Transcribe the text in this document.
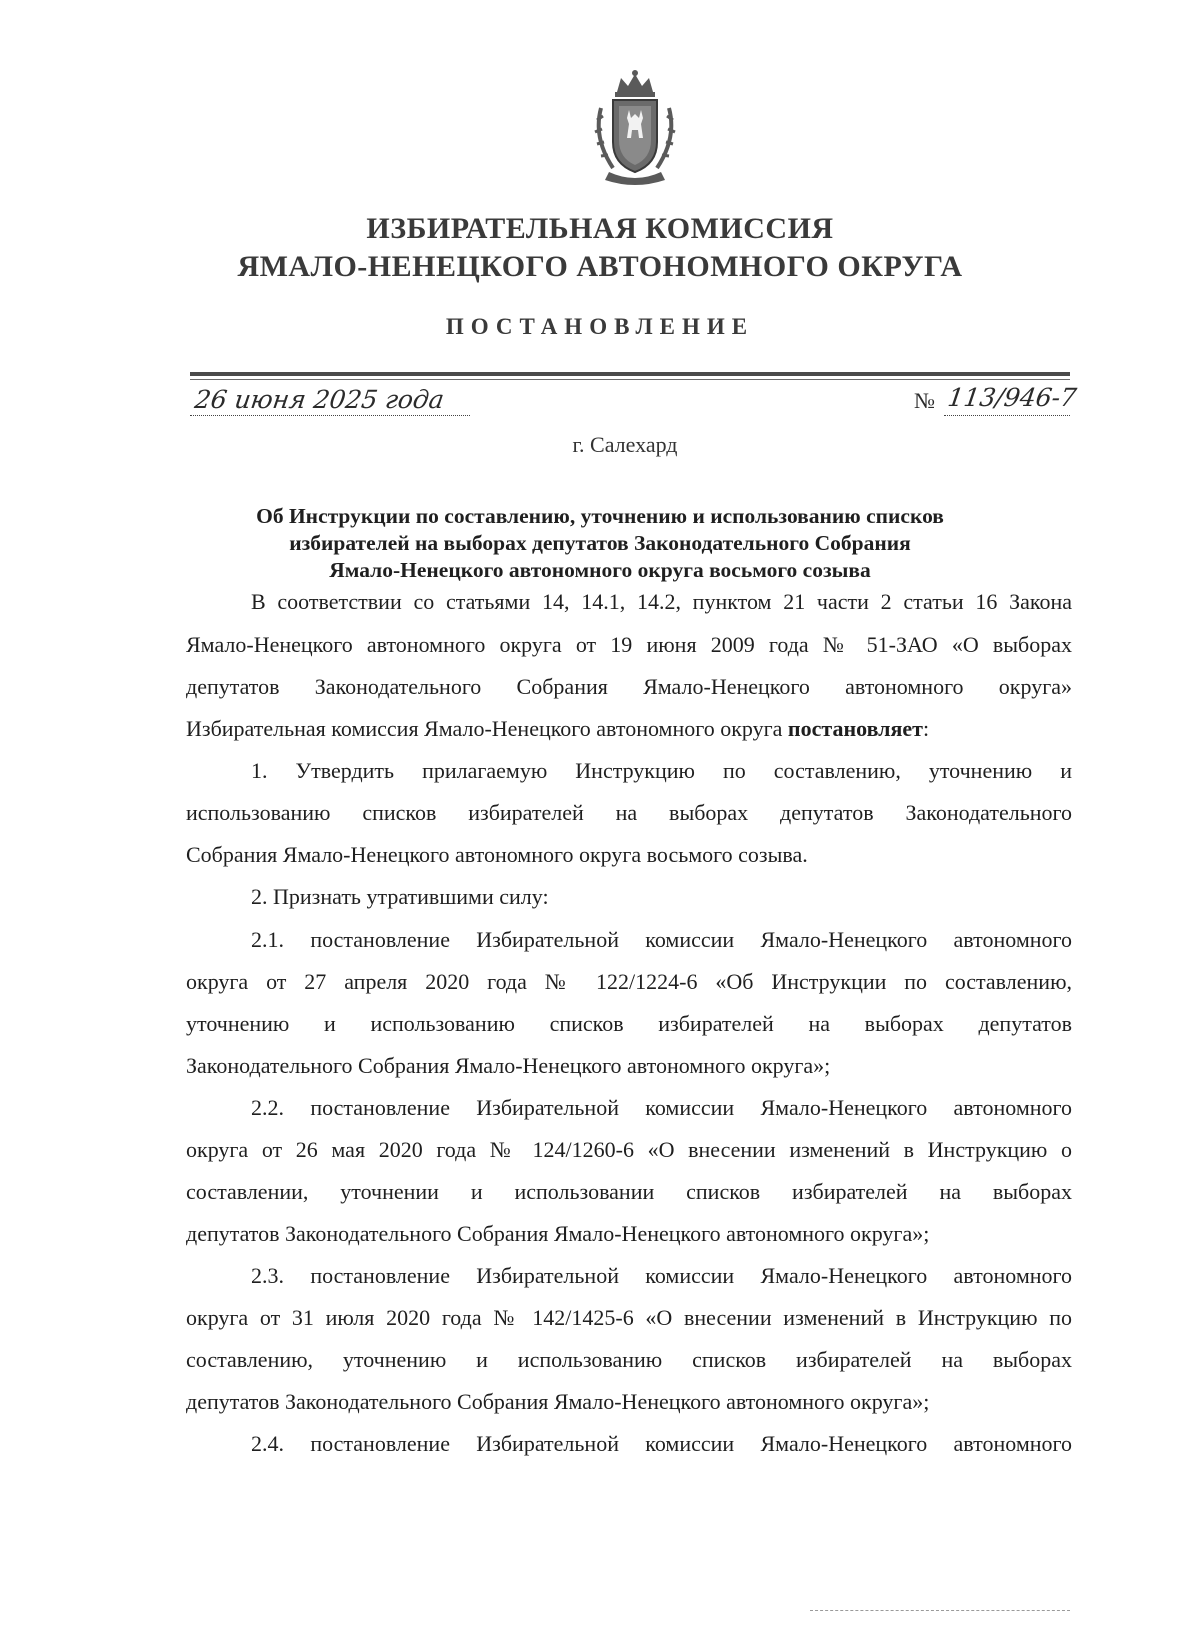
ИЗБИРАТЕЛЬНАЯ КОМИССИЯ
ЯМАЛО-НЕНЕЦКОГО АВТОНОМНОГО ОКРУГА
ПОСТАНОВЛЕНИЕ
26 июня 2025 года	№ 113/946-7
г. Салехард
Об Инструкции по составлению, уточнению и использованию списков
избирателей на выборах депутатов Законодательного Собрания
Ямало-Ненецкого автономного округа восьмого созыва
В соответствии со статьями 14, 14.1, 14.2, пунктом 21 части 2 статьи 16 Закона
Ямало-Ненецкого автономного округа от 19 июня 2009 года № 51-ЗАО «О выборах
депутатов Законодательного Собрания Ямало-Ненецкого автономного округа»
Избирательная комиссия Ямало-Ненецкого автономного округа постановляет:
1. Утвердить прилагаемую Инструкцию по составлению, уточнению и
использованию списков избирателей на выборах депутатов Законодательного
Собрания Ямало-Ненецкого автономного округа восьмого созыва.
2. Признать утратившими силу:
2.1. постановление Избирательной комиссии Ямало-Ненецкого автономного
округа от 27 апреля 2020 года № 122/1224-6 «Об Инструкции по составлению,
уточнению и использованию списков избирателей на выборах депутатов
Законодательного Собрания Ямало-Ненецкого автономного округа»;
2.2. постановление Избирательной комиссии Ямало-Ненецкого автономного
округа от 26 мая 2020 года № 124/1260-6 «О внесении изменений в Инструкцию о
составлении, уточнении и использовании списков избирателей на выборах
депутатов Законодательного Собрания Ямало-Ненецкого автономного округа»;
2.3. постановление Избирательной комиссии Ямало-Ненецкого автономного
округа от 31 июля 2020 года № 142/1425-6 «О внесении изменений в Инструкцию по
составлению, уточнению и использованию списков избирателей на выборах
депутатов Законодательного Собрания Ямало-Ненецкого автономного округа»;
2.4. постановление Избирательной комиссии Ямало-Ненецкого автономного
